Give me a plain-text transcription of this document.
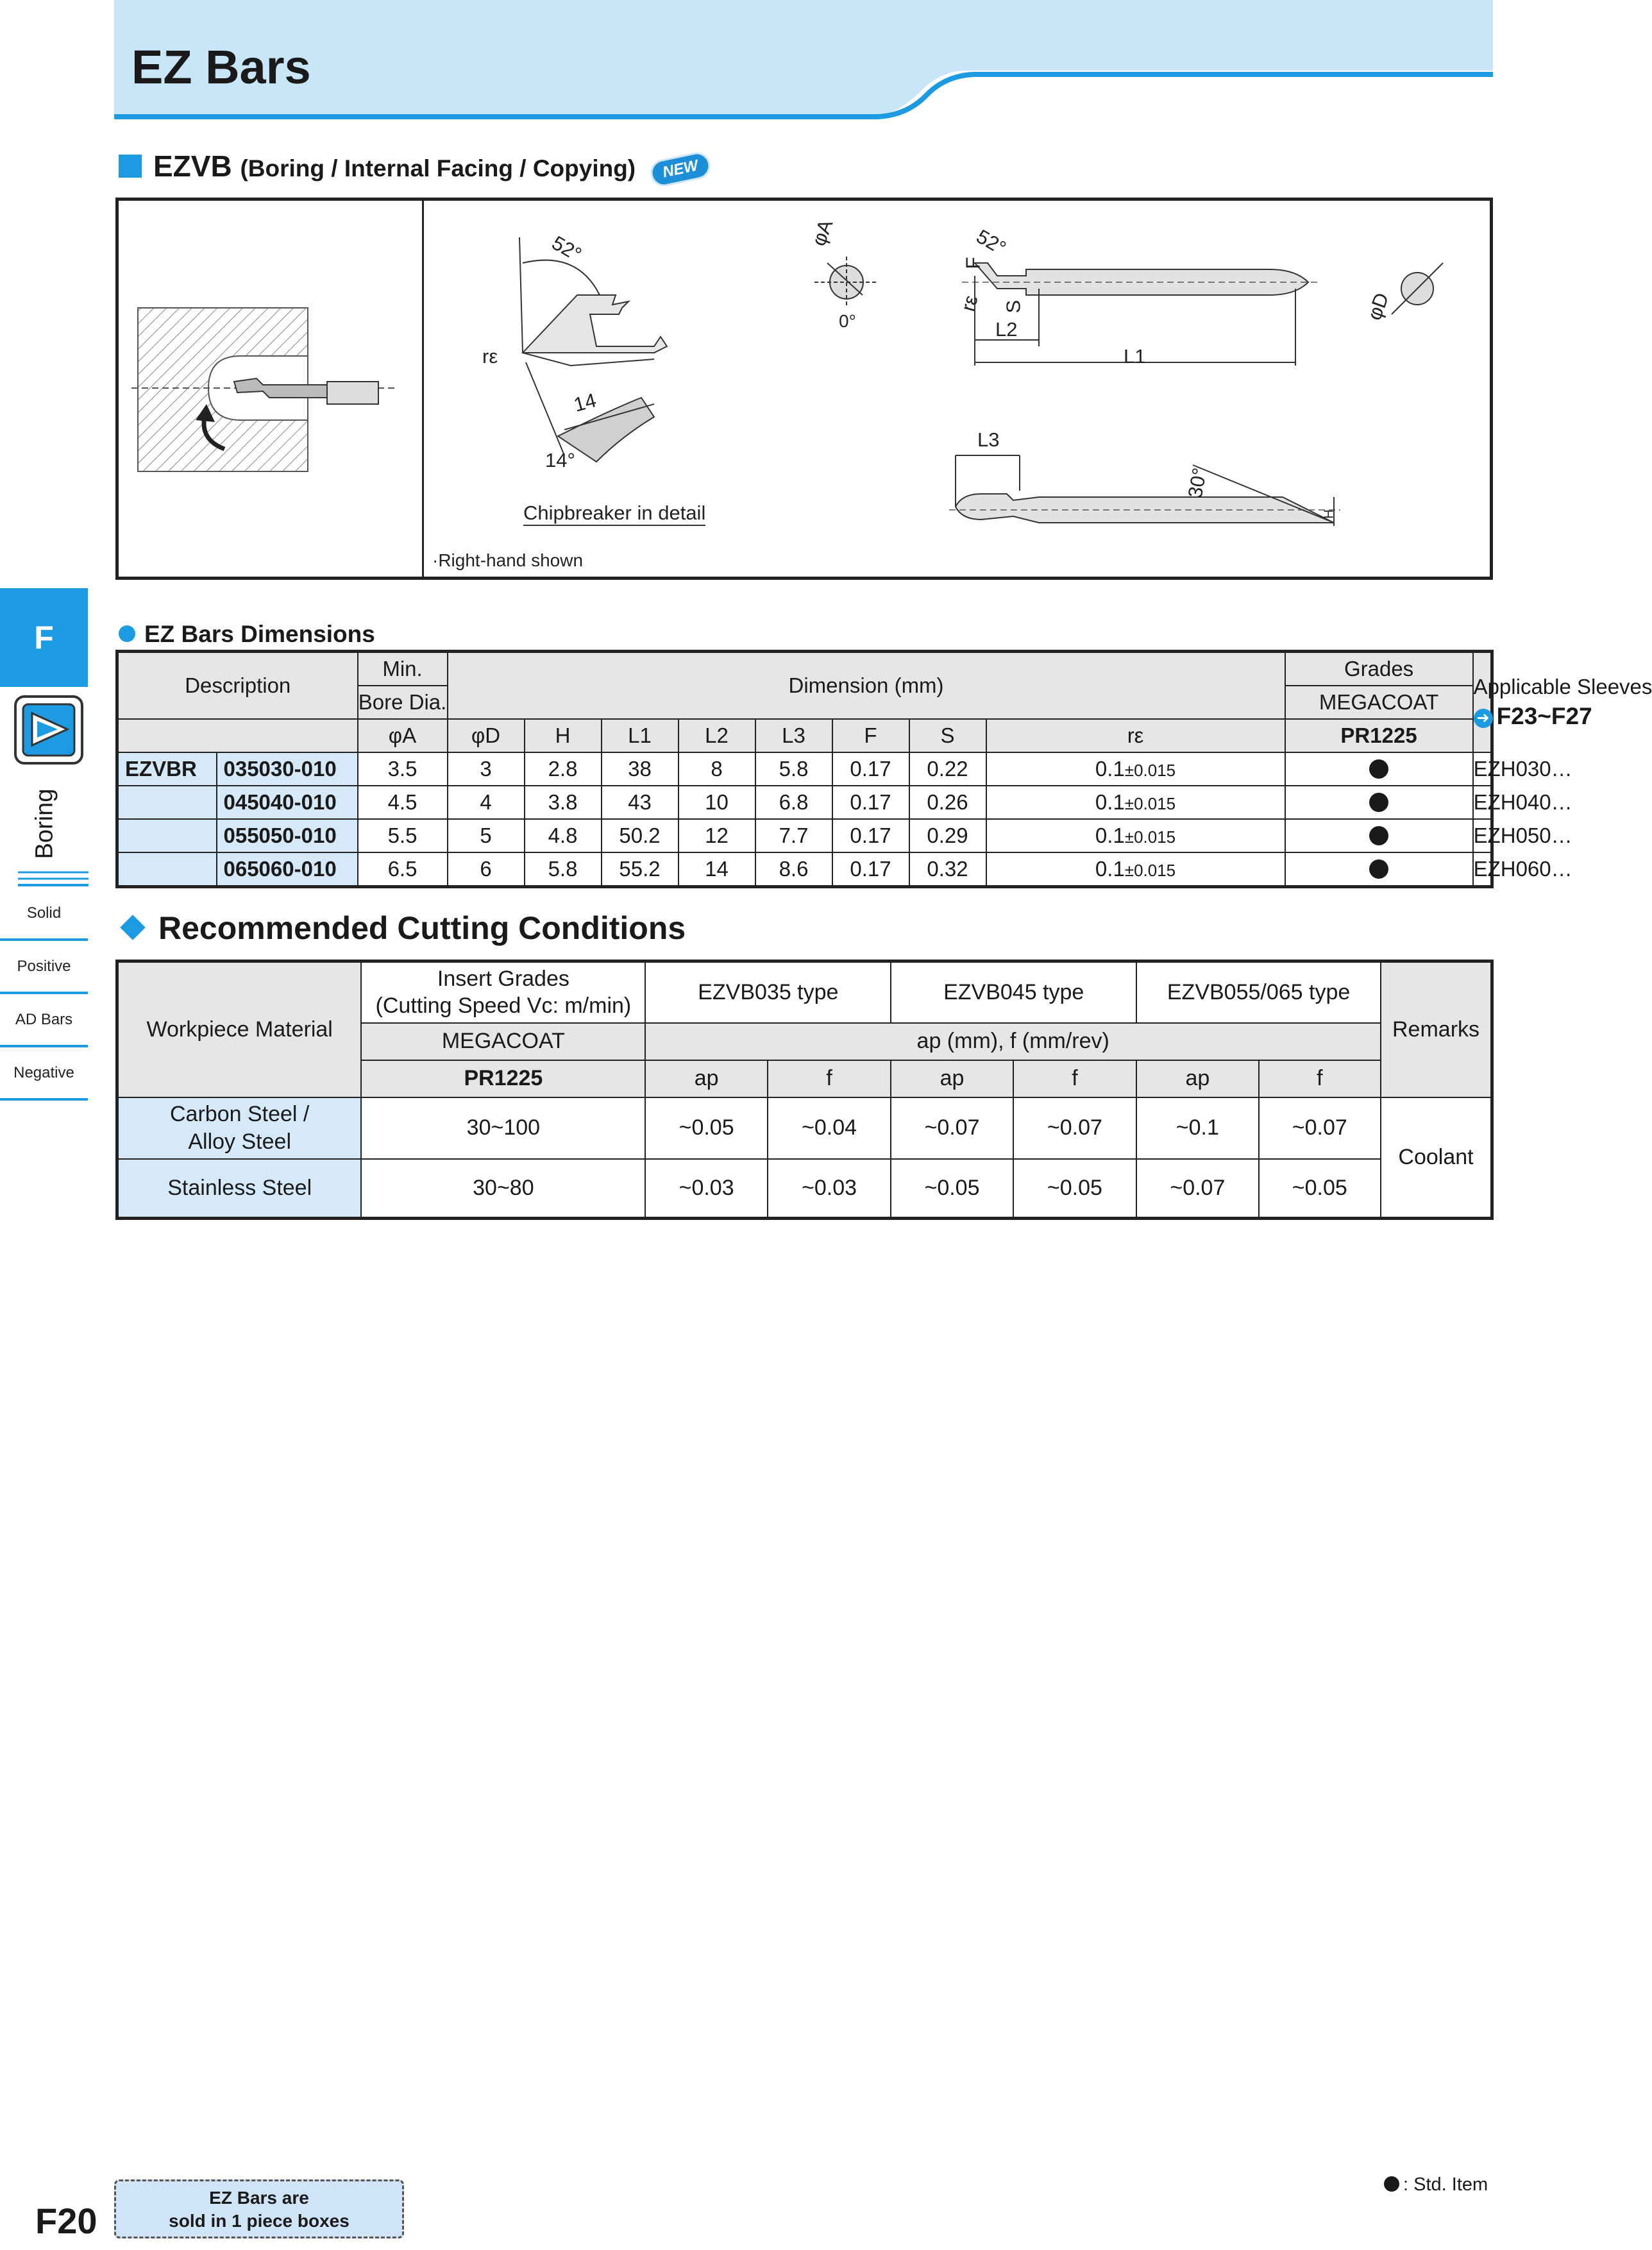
EZ Bars
EZVB (Boring / Internal Facing / Copying) NEW
52°
rε
14
14°
Chipbreaker in detail
·Right-hand shown
φA
0°
F
rε
52°
S
L2
L1
φD
L3
30°
H
F
Boring
Solid
Positive
AD Bars
Negative
EZ Bars Dimensions
Description		Min.	Dimension (mm)								Grades	Applicable Sleeves
➜ F23~F27

		Bore Dia.									MEGACOAT	
		φA	φD	H	L1	L2	L3	F	S	rε	PR1225	
EZVBR	035030-010	3.5	3	2.8	38	8	5.8	0.17	0.22	0.1±0.015		EZH030…
	045040-010	4.5	4	3.8	43	10	6.8	0.17	0.26	0.1±0.015		EZH040…
	055050-010	5.5	5	4.8	50.2	12	7.7	0.17	0.29	0.1±0.015		EZH050…
	065060-010	6.5	6	5.8	55.2	14	8.6	0.17	0.32	0.1±0.015		EZH060…
Recommended Cutting Conditions
Workpiece Material	Insert Grades
(Cutting Speed Vc: m/min)	EZVB035 type		EZVB045 type		EZVB055/065 type		Remarks
	MEGACOAT	ap (mm), f (mm/rev)						
	PR1225	ap	f	ap	f	ap	f	

Carbon Steel /
Alloy Steel	30~100	~0.05	~0.04	~0.07	~0.07	~0.1	~0.07	Coolant
Stainless Steel	30~80	~0.03	~0.03	~0.05	~0.05	~0.07	~0.05	
F20
EZ Bars are
sold in 1 piece boxes
: Std. Item
